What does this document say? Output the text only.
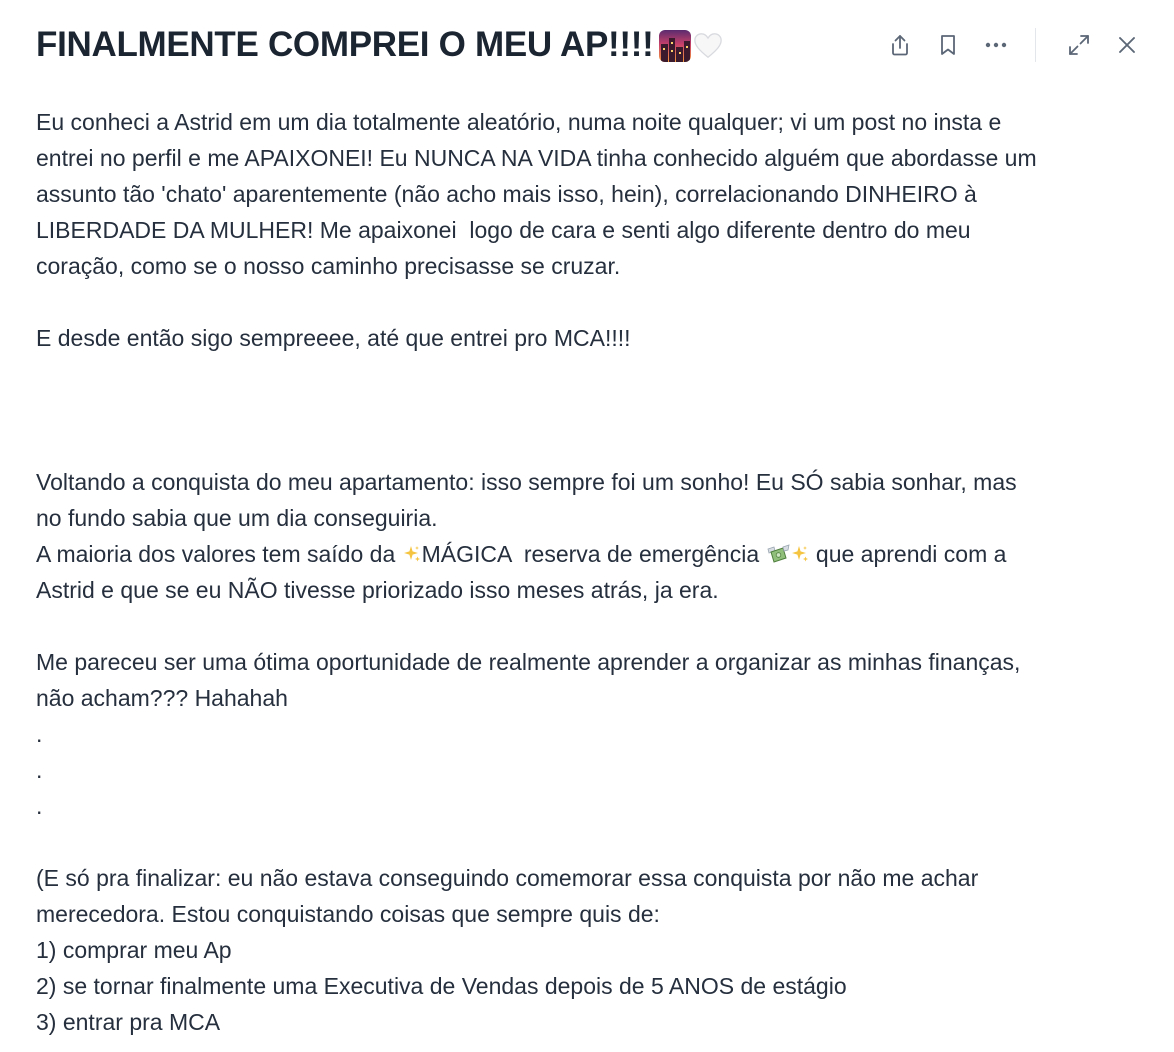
FINALMENTE COMPREI O MEU AP!!!!

Eu conheci a Astrid em um dia totalmente aleatório, numa noite qualquer; vi um post no insta e
entrei no perfil e me APAIXONEI! Eu NUNCA NA VIDA tinha conhecido alguém que abordasse um
assunto tão 'chato' aparentemente (não acho mais isso, hein), correlacionando DINHEIRO à
LIBERDADE DA MULHER! Me apaixonei  logo de cara e senti algo diferente dentro do meu
coração, como se o nosso caminho precisasse se cruzar.

E desde então sigo sempreeee, até que entrei pro MCA!!!!

Voltando a conquista do meu apartamento: isso sempre foi um sonho! Eu SÓ sabia sonhar, mas
no fundo sabia que um dia conseguiria.
A maioria dos valores tem saído da MÁGICA  reserva de emergência  que aprendi com a
Astrid e que se eu NÃO tivesse priorizado isso meses atrás, ja era.

Me pareceu ser uma ótima oportunidade de realmente aprender a organizar as minhas finanças,
não acham??? Hahahah
.
.
.

(E só pra finalizar: eu não estava conseguindo comemorar essa conquista por não me achar
merecedora. Estou conquistando coisas que sempre quis de:
1) comprar meu Ap
2) se tornar finalmente uma Executiva de Vendas depois de 5 ANOS de estágio
3) entrar pra MCA
